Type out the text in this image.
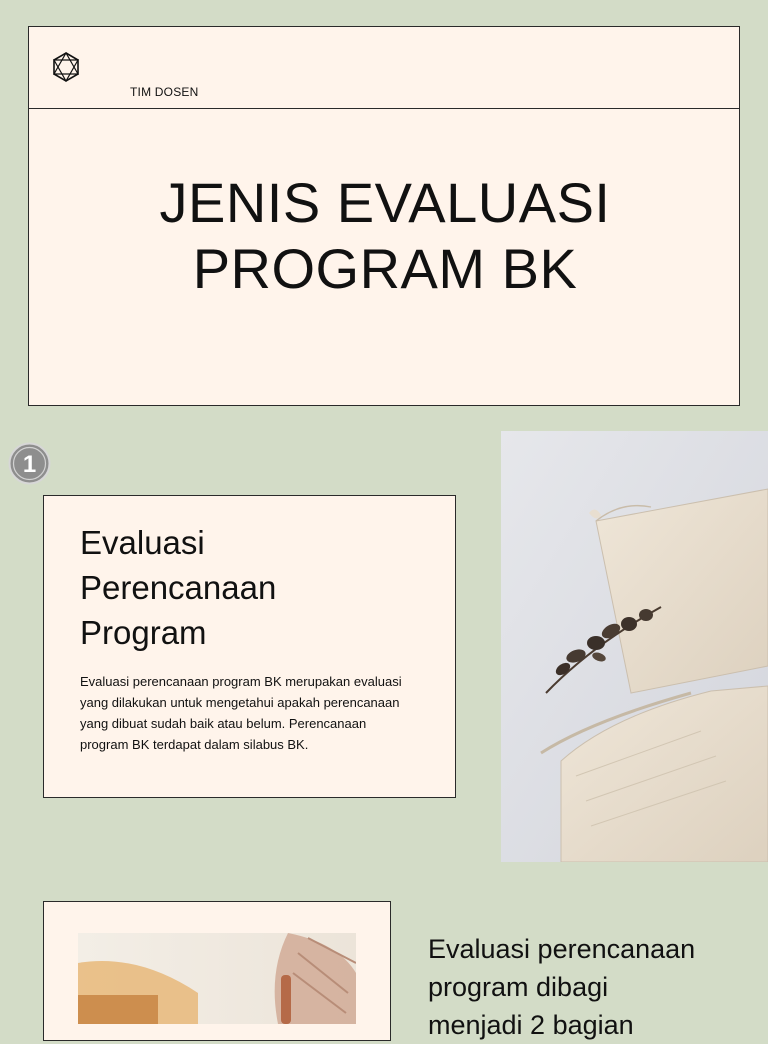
TIM DOSEN
JENIS EVALUASI
PROGRAM BK
1
Evaluasi
Perencanaan
Program
Evaluasi perencanaan program BK merupakan evaluasi yang dilakukan untuk mengetahui apakah perencanaan yang dibuat sudah baik atau belum. Perencanaan program BK terdapat dalam silabus BK.
Evaluasi perencanaan
program dibagi
menjadi 2 bagian
